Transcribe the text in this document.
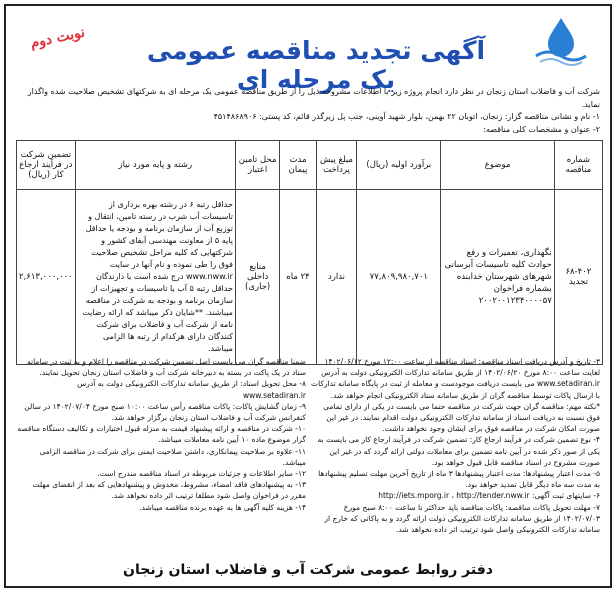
نوبت دوم	آگهی تجدید مناقصه عمومی یک مرحله ای
شرکت آب و فاضلاب استان زنجان در نظر دارد انجام پروژه زیر با اطلاعات مشروحه ذیل را از طریق مناقصه عمومی یک مرحله ای به شرکتهای تشخیص صلاحیت شده واگذار نماید.
۱- نام و نشانی مناقصه گزار: زنجان، اتوبان ۲۲ بهمن، بلوار شهید آوینی، جنب پل زیرگذر قائم، کد پستی: ۴۵۱۴۸۶۸۹۰۶
۲- عنوان و مشخصات کلی مناقصه:
شماره مناقصه	موضوع	برآورد اولیه (ریال)	مبلغ پیش پرداخت	مدت پیمان	محل تامین اعتبار	رشته و پایه مورد نیاز	تضمین شرکت در فرآیند ارجاع کار (ریال)
۶۸-۴۰۲ تجدید	نگهداری، تعمیرات و رفع حوادث کلیه تاسیسات آبرسانی شهرهای شهرستان خدابنده بشماره فراخوان ۲۰۰۲۰۰۱۲۳۴۰۰۰۰۵۷	۷۷,۸۰۹,۹۸۰,۷۰۱	ندارد	۲۴ ماه	منابع داخلی (جاری)	حداقل رتبه ۶ در رشته بهره برداری از تاسیسات آب شرب در رسته تامین، انتقال و توزیع آب از سازمان برنامه و بودجه یا حداقل پایه ۵ از معاونت مهندسی آبفای کشور و شرکتهایی که کلیه مراحل تشخیص صلاحیت فوق را طی نموده و نام آنها در سایت www.nww.ir درج شده است یا دارندگان حداقل رتبه ۵ آب یا تاسیسات و تجهیزات از سازمان برنامه و بودجه به شرکت در مناقصه میباشند. **شایان ذکر میباشد که ارائه رضایت نامه از شرکت آب و فاضلاب برای شرکت کنندگان دارای هرکدام از رتبه ها الزامی میباشد.	۲,۶۱۳,۰۰۰,۰۰۰

۳- تاریخ و آدرس دریافت اسناد مناقصه: اسناد مناقصه از ساعت ۱۲:۰۰ مورخ ۱۴۰۲/۰۶/۱۲ لغایت ساعت ۸:۰۰ مورخ ۱۴۰۲/۰۶/۲۰ از طریق سامانه تدارکات الکترونیکی دولت به آدرس www.setadiran.ir می بایست دریافت موجودست و معامله از ثبت در پایگاه سامانه تدارکات با ارسال پاکات توسط مناقصه گران از طریق سامانه ستاد الکترونیکی انجام خواهد شد.

*نکته مهم: مناقصه گران جهت شرکت در مناقصه حتما می بایست در یکی از دارای تمامی فوق نسبت به دریافت اسناد از سامانه تدارکات الکترونیکی دولت اقدام نمایند. در غیر این صورت امکان شرکت در مناقصه فوق برای ایشان وجود نخواهد داشت.

۴- نوع تضمین شرکت در فرآیند ارجاع کار: تضمین شرکت در فرآیند ارجاع کار می بایست به یکی از صور ذکر شده در آیین نامه تضمین برای معاملات دولتی ارائه گردد که در غیر این صورت مشروح در اسناد مناقصه قابل قبول خواهد بود.

۵- مدت اعتبار پیشنهادها: مدت اعتبار پیشنهادها ۳ ماه از تاریخ آخرین مهلت تسلیم پیشنهادها به مدت سه ماه دیگر قابل تمدید خواهد بود.

۶- سایتهای ثبت آگهی: http://iets.mporg.ir ، http://tender.nww.ir

۷- مهلت تحویل پاکات مناقصه: پاکات مناقصه باید حداکثر تا ساعت ۸:۰۰ صبح مورخ ۱۴۰۲/۰۷/۰۳ از طریق سامانه تدارکات الکترونیکی دولت ارائه گردد و به پاکاتی که خارج از سامانه تدارکات الکترونیکی واصل شود ترتیب اثر داده نخواهد شد.

ضمنا مناقصه گران می بایست اصل تضمین شرکت در مناقصه را اعلام و به ثبت در سامانه ستاد در یک پاکت در بسته به دبیرخانه شرکت آب و فاضلاب استان زنجان تحویل نمایند.

۸- محل تحویل اسناد: از طریق سامانه تدارکات الکترونیکی دولت به آدرس www.setadiran.ir

۹- زمان گشایش پاکات: پاکات مناقصه رأس ساعت ۱۰:۰۰ صبح مورخ ۱۴۰۲/۰۷/۰۴ در سالن کنفرانس شرکت آب و فاضلاب استان زنجان برگزار خواهد شد.

۱۰- شرکت در مناقصه و ارائه پیشنهاد قیمت به منزله قبول اختیارات و تکالیف دستگاه مناقصه گزار موضوع ماده ۱۰ آیین نامه معاملات میباشد.

۱۱- علاوه بر صلاحیت پیمانکاری، داشتن صلاحیت ایمنی برای شرکت در مناقصه الزامی میباشد.

۱۲- سایر اطلاعات و جزئیات مربوطه در اسناد مناقصه مندرج است.

۱۳- به پیشنهادهای فاقد امضاء، مشروط، مخدوش و پیشنهادهایی که بعد از انقضای مهلت مقرر در فراخوان واصل شود مطلقا ترتیب اثر داده نخواهد شد.

۱۴- هزینه کلیه آگهی ها به عهده برنده مناقصه میباشد.

دفتر روابط عمومی شرکت آب و فاضلاب استان زنجان
